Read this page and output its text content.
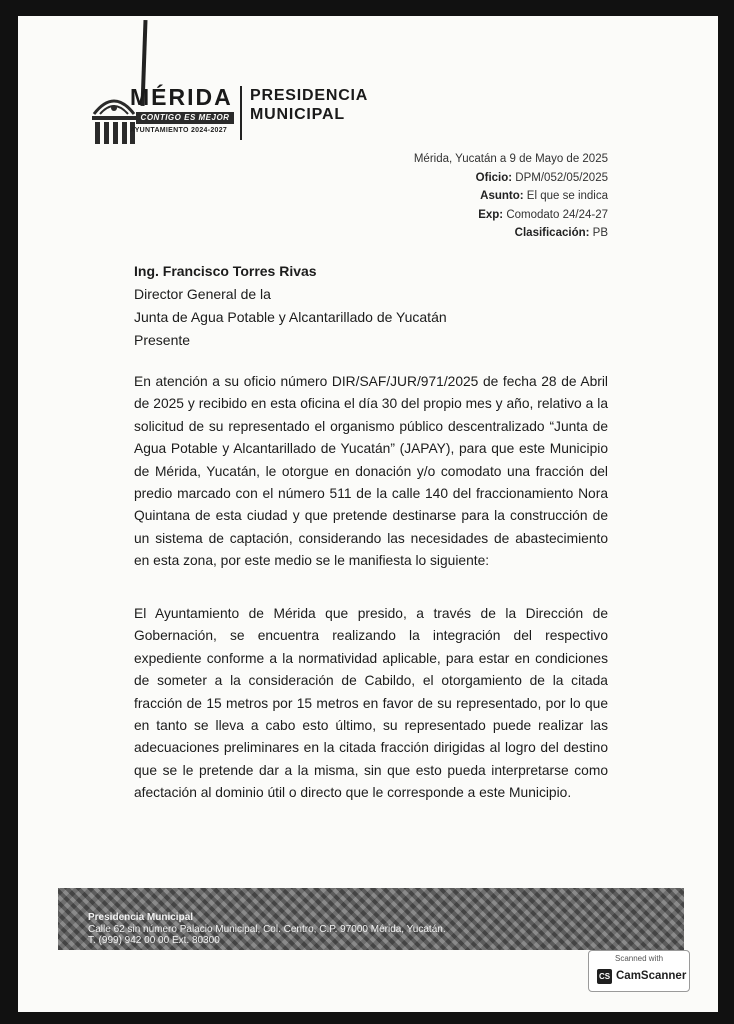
MÉRIDA
CONTIGO ES MEJOR
AYUNTAMIENTO 2024-2027
PRESIDENCIA
MUNICIPAL
Mérida, Yucatán a 9 de Mayo de 2025
Oficio: DPM/052/05/2025
Asunto: El que se indica
Exp: Comodato 24/24-27
Clasificación: PB
Ing. Francisco Torres Rivas
Director General de la
Junta de Agua Potable y Alcantarillado de Yucatán
Presente
En atención a su oficio número DIR/SAF/JUR/971/2025 de fecha 28 de Abril de 2025 y recibido en esta oficina el día 30 del propio mes y año, relativo a la solicitud de su representado el organismo público descentralizado “Junta de Agua Potable y Alcantarillado de Yucatán” (JAPAY), para que este Municipio de Mérida, Yucatán, le otorgue en donación y/o comodato una fracción del predio marcado con el número 511 de la calle 140 del fraccionamiento Nora Quintana de esta ciudad y que pretende destinarse para la construcción de un sistema de captación, considerando las necesidades de abastecimiento en esta zona, por este medio se le manifiesta lo siguiente:
El Ayuntamiento de Mérida que presido, a través de la Dirección de Gobernación, se encuentra realizando la integración del respectivo expediente conforme a la normatividad aplicable, para estar en condiciones de someter a la consideración de Cabildo, el otorgamiento de la citada fracción de 15 metros por 15 metros en favor de su representado, por lo que en tanto se lleva a cabo esto último, su representado puede realizar las adecuaciones preliminares en la citada fracción dirigidas al logro del destino que se le pretende dar a la misma, sin que esto pueda interpretarse como afectación al dominio útil o directo que le corresponde a este Municipio.
Presidencia Municipal
Calle 62 sin número Palacio Municipal, Col. Centro, C.P. 97000 Mérida, Yucatán.
T. (999) 942 00 00 Ext. 80300
Scanned with
CS CamScanner
